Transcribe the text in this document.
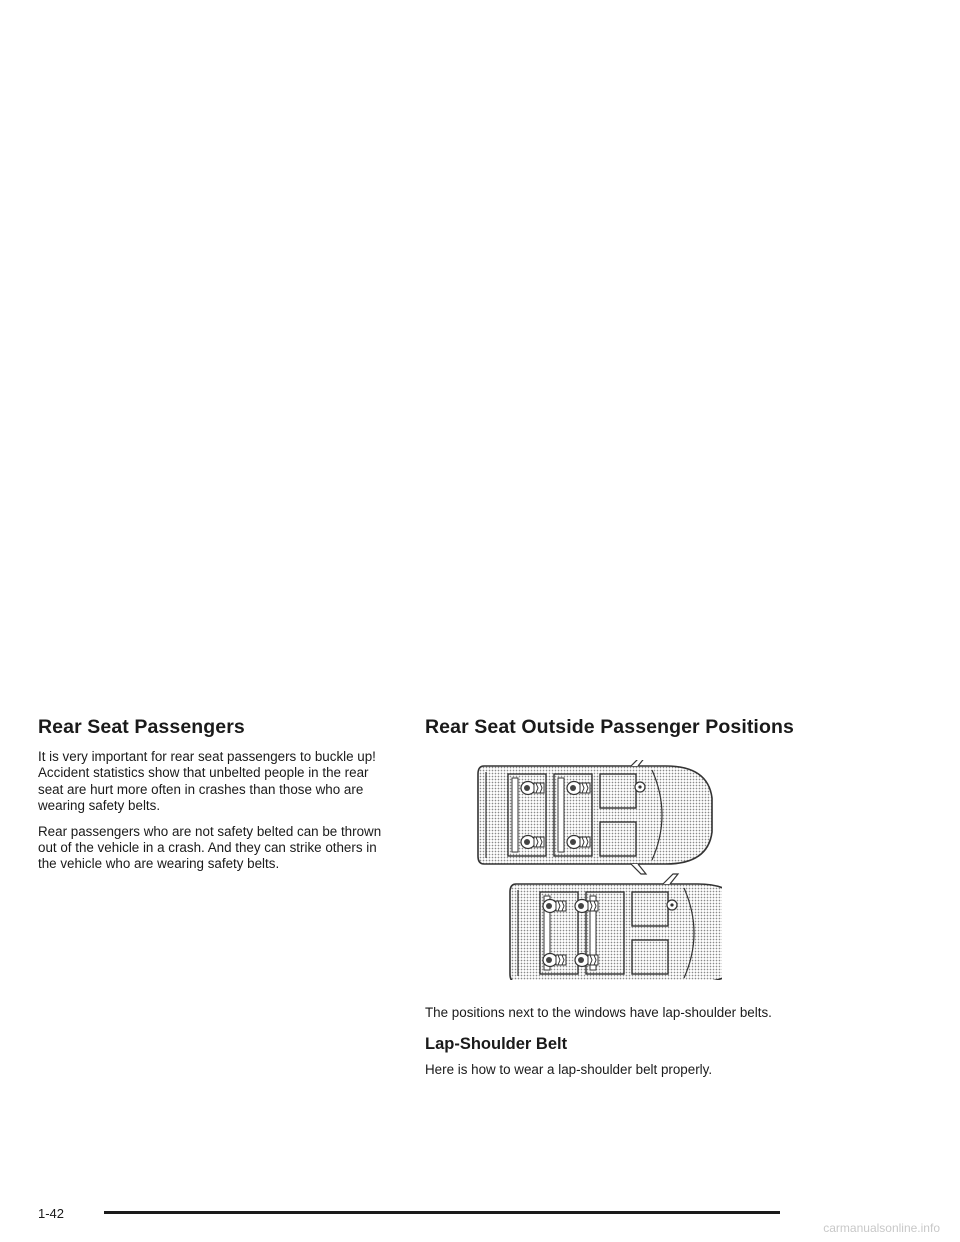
Rear Seat Passengers

It is very important for rear seat passengers to buckle up! Accident statistics show that unbelted people in the rear seat are hurt more often in crashes than those who are wearing safety belts.

Rear passengers who are not safety belted can be thrown out of the vehicle in a crash. And they can strike others in the vehicle who are wearing safety belts.

Rear Seat Outside Passenger Positions

The positions next to the windows have lap-shoulder belts.

Lap-Shoulder Belt

Here is how to wear a lap-shoulder belt properly.

1-42
carmanualsonline.info
